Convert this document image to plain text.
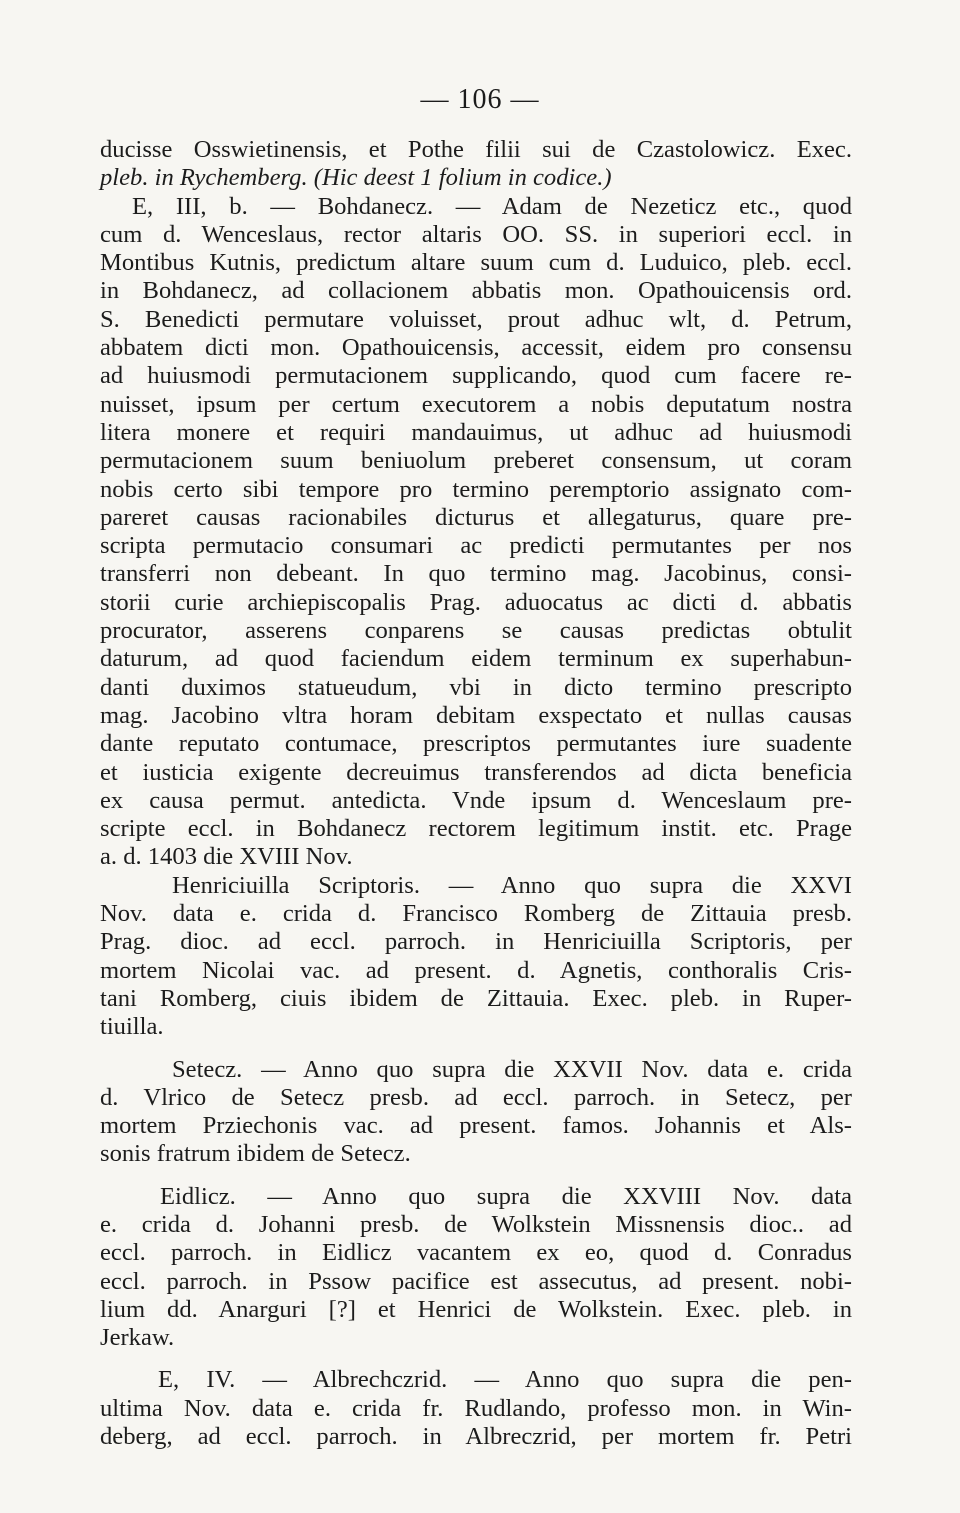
— 106 —
ducisse Osswietinensis, et Pothe filii sui de Czastolowicz. Exec.
pleb. in Rychemberg. (Hic deest 1 folium in codice.)
E, III, b. — Bohdanecz. — Adam de Nezeticz etc., quod
cum d. Wenceslaus, rector altaris OO. SS. in superiori eccl. in
Montibus Kutnis, predictum altare suum cum d. Luduico, pleb. eccl.
in Bohdanecz, ad collacionem abbatis mon. Opathouicensis ord.
S. Benedicti permutare voluisset, prout adhuc wlt, d. Petrum,
abbatem dicti mon. Opathouicensis, accessit, eidem pro consensu
ad huiusmodi permutacionem supplicando, quod cum facere re-
nuisset, ipsum per certum executorem a nobis deputatum nostra
litera monere et requiri mandauimus, ut adhuc ad huiusmodi
permutacionem suum beniuolum preberet consensum, ut coram
nobis certo sibi tempore pro termino peremptorio assignato com-
pareret causas racionabiles dicturus et allegaturus, quare pre-
scripta permutacio consumari ac predicti permutantes per nos
transferri non debeant. In quo termino mag. Jacobinus, consi-
storii curie archiepiscopalis Prag. aduocatus ac dicti d. abbatis
procurator, asserens conparens se causas predictas obtulit
daturum, ad quod faciendum eidem terminum ex superhabun-
danti duximos statueudum, vbi in dicto termino prescripto
mag. Jacobino vltra horam debitam exspectato et nullas causas
dante reputato contumace, prescriptos permutantes iure suadente
et iusticia exigente decreuimus transferendos ad dicta beneficia
ex causa permut. antedicta. Vnde ipsum d. Wenceslaum pre-
scripte eccl. in Bohdanecz rectorem legitimum instit. etc. Prage
a. d. 1403 die XVIII Nov.
Henriciuilla Scriptoris. — Anno quo supra die XXVI
Nov. data e. crida d. Francisco Romberg de Zittauia presb.
Prag. dioc. ad eccl. parroch. in Henriciuilla Scriptoris, per
mortem Nicolai vac. ad present. d. Agnetis, conthoralis Cris-
tani Romberg, ciuis ibidem de Zittauia. Exec. pleb. in Ruper-
tiuilla.
Setecz. — Anno quo supra die XXVII Nov. data e. crida
d. Vlrico de Setecz presb. ad eccl. parroch. in Setecz, per
mortem Prziechonis vac. ad present. famos. Johannis et Als-
sonis fratrum ibidem de Setecz.
Eidlicz. — Anno quo supra die XXVIII Nov. data
e. crida d. Johanni presb. de Wolkstein Missnensis dioc.. ad
eccl. parroch. in Eidlicz vacantem ex eo, quod d. Conradus
eccl. parroch. in Pssow pacifice est assecutus, ad present. nobi-
lium dd. Anarguri [?] et Henrici de Wolkstein. Exec. pleb. in
Jerkaw.
E, IV. — Albrechczrid. — Anno quo supra die pen-
ultima Nov. data e. crida fr. Rudlando, professo mon. in Win-
deberg, ad eccl. parroch. in Albreczrid, per mortem fr. Petri
